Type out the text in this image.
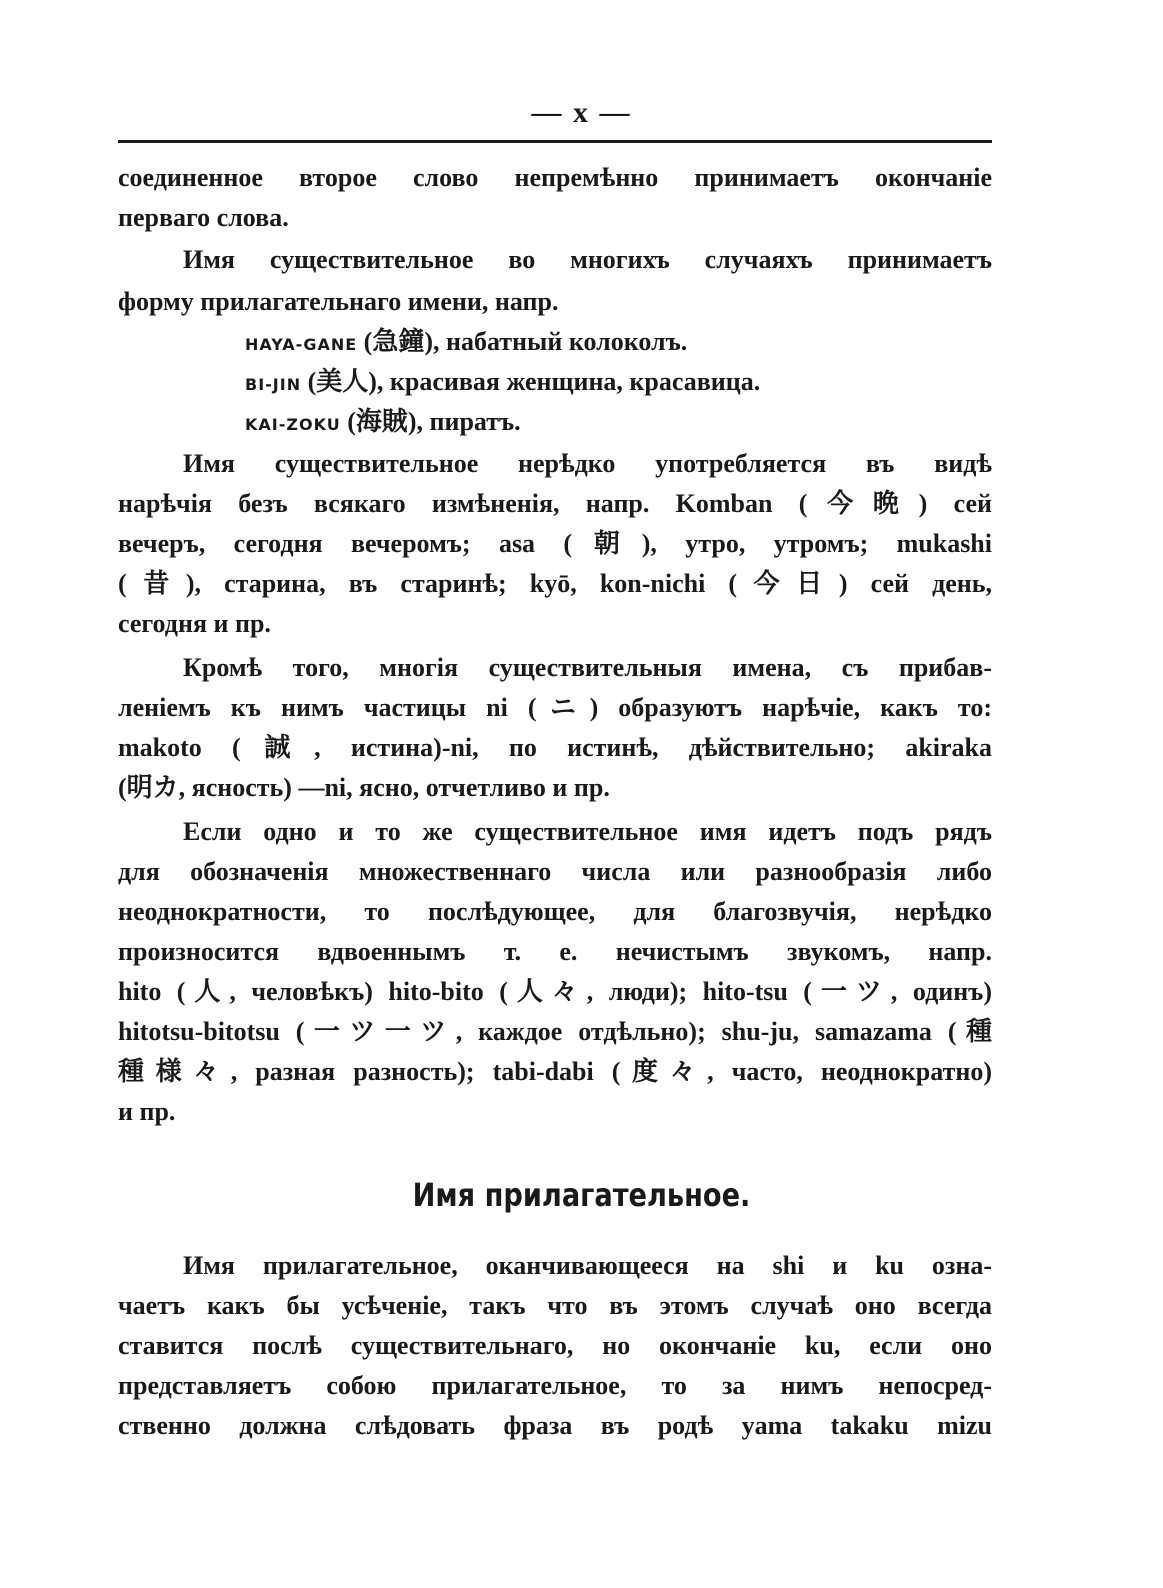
— x —
соединенное второе слово непремѣнно принимаетъ окончаніе
перваго слова.
Имя существительное во многихъ случаяхъ принимаетъ
форму прилагательнаго имени, напр.
HAYA-GANE (急鐘), набатный колоколъ.
BI-JIN (美人), красивая женщина, красавица.
KAI-ZOKU (海賊), пиратъ.
Имя существительное нерѣдко употребляется въ видѣ
нарѣчія безъ всякаго измѣненія, напр. Kombаn (今晩) сей
вечеръ, сегодня вечеромъ; asa (朝), утро, утромъ; mukashi
(昔), старина, въ старинѣ; kyō, kon-nichi (今日) сей день,
сегодня и пр.
Кромѣ того, многія существительныя имена, съ прибав-
леніемъ къ нимъ частицы ni (ニ) образуютъ нарѣчіе, какъ то:
makoto (誠, истина)-ni, по истинѣ, дѣйствительно; akiraka
(明カ, ясность) —ni, ясно, отчетливо и пр.
Если одно и то же существительное имя идетъ подъ рядъ
для обозначенія множественнаго числа или разнообразія либо
неоднократности, то послѣдующее, для благозвучія, нерѣдко
произносится вдвоеннымъ т. е. нечистымъ звукомъ, напр.
hito (人, человѣкъ) hito-bito (人々, люди); hito-tsu (一ツ, одинъ)
hitotsu-bitotsu (一ツ一ツ, каждое отдѣльно); shu-ju, samazama (種
種様々, разная разность); tabi-dabi (度々, часто, неоднократно)
и пр.
Имя прилагательное.
Имя прилагательное, оканчивающееся на shi и ku озна-
чаетъ какъ бы усѣченіе, такъ что въ этомъ случаѣ оно всегда
ставится послѣ существительнаго, но окончаніе ku, если оно
представляетъ собою прилагательное, то за нимъ непосред-
ственно должна слѣдовать фраза въ родѣ yama takaku mizu
